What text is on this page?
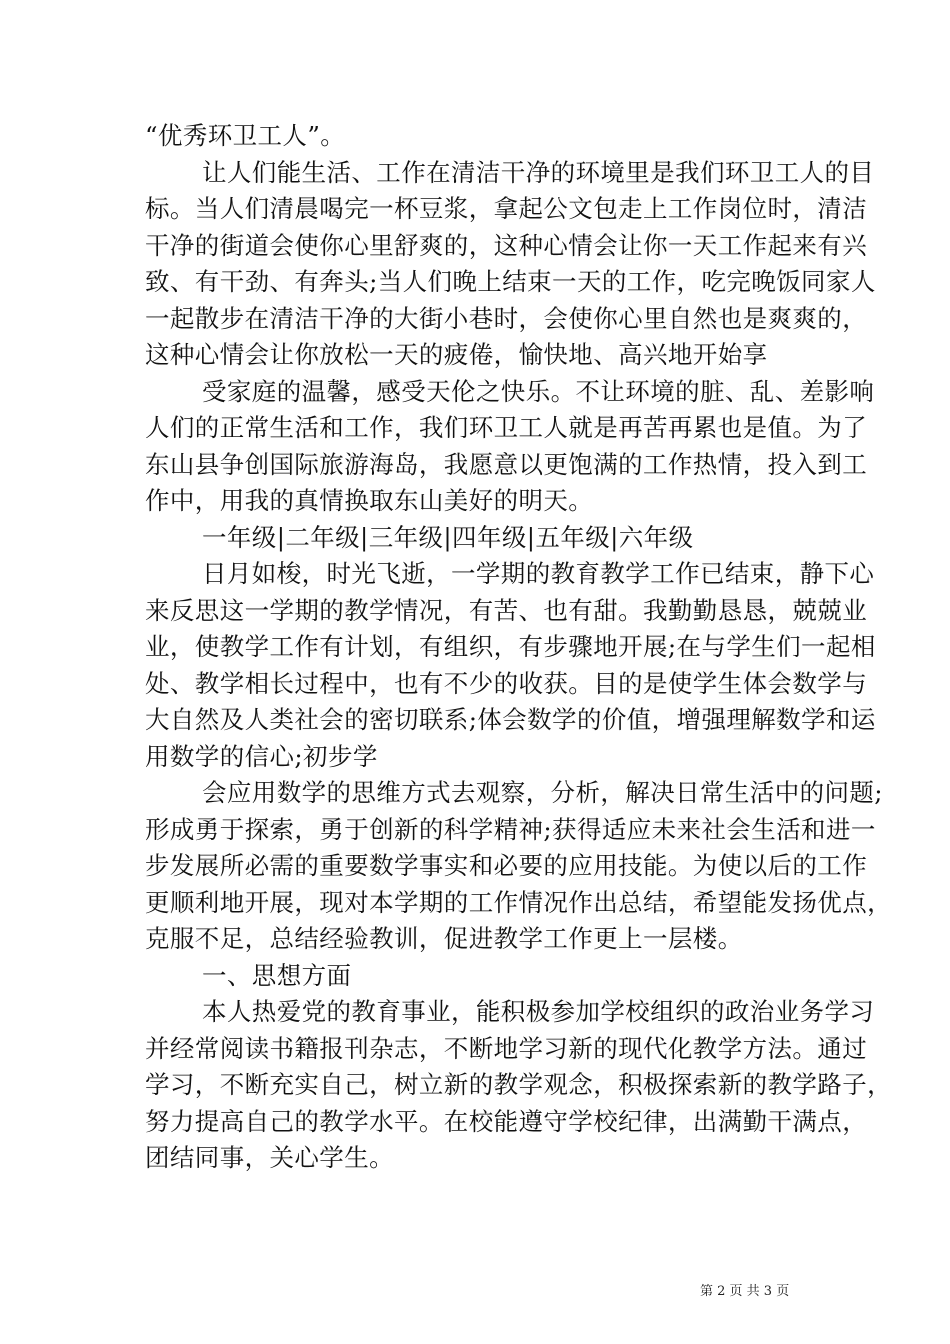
“优秀环卫工人”。
让人们能生活、工作在清洁干净的环境里是我们环卫工人的目
标。当人们清晨喝完一杯豆浆，拿起公文包走上工作岗位时，清洁
干净的街道会使你心里舒爽的，这种心情会让你一天工作起来有兴
致、有干劲、有奔头;当人们晚上结束一天的工作，吃完晚饭同家人
一起散步在清洁干净的大街小巷时，会使你心里自然也是爽爽的，
这种心情会让你放松一天的疲倦，愉快地、高兴地开始享
受家庭的温馨，感受天伦之快乐。不让环境的脏、乱、差影响
人们的正常生活和工作，我们环卫工人就是再苦再累也是值。为了
东山县争创国际旅游海岛，我愿意以更饱满的工作热情，投入到工
作中，用我的真情换取东山美好的明天。
一年级|二年级|三年级|四年级|五年级|六年级
日月如梭，时光飞逝，一学期的教育教学工作已结束，静下心
来反思这一学期的教学情况，有苦、也有甜。我勤勤恳恳，兢兢业
业，使教学工作有计划，有组织，有步骤地开展;在与学生们一起相
处、教学相长过程中，也有不少的收获。目的是使学生体会数学与
大自然及人类社会的密切联系;体会数学的价值，增强理解数学和运
用数学的信心;初步学
会应用数学的思维方式去观察，分析，解决日常生活中的问题;
形成勇于探索，勇于创新的科学精神;获得适应未来社会生活和进一
步发展所必需的重要数学事实和必要的应用技能。为使以后的工作
更顺利地开展，现对本学期的工作情况作出总结，希望能发扬优点，
克服不足，总结经验教训，促进教学工作更上一层楼。
一、思想方面
本人热爱党的教育事业，能积极参加学校组织的政治业务学习
并经常阅读书籍报刊杂志，不断地学习新的现代化教学方法。通过
学习，不断充实自己，树立新的教学观念，积极探索新的教学路子，
努力提高自己的教学水平。在校能遵守学校纪律，出满勤干满点，
团结同事，关心学生。
第 2 页 共 3 页
